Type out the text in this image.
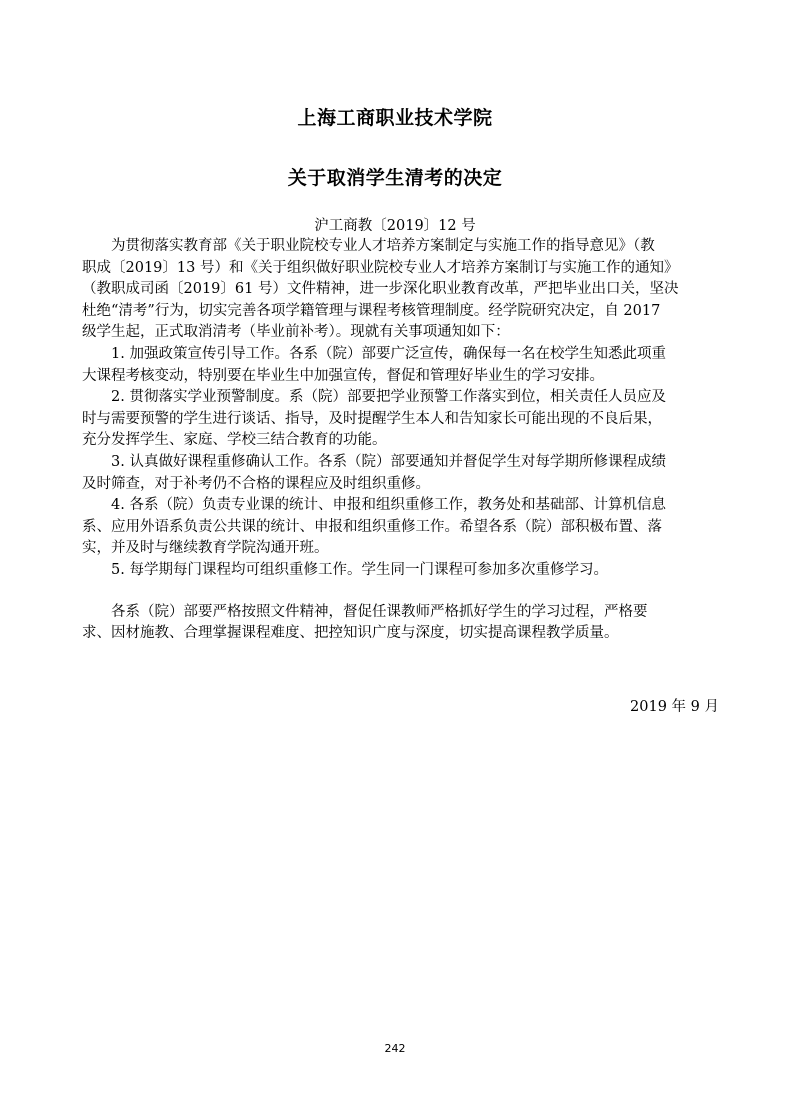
上海工商职业技术学院
关于取消学生清考的决定
沪工商教〔2019〕12 号
为贯彻落实教育部《关于职业院校专业人才培养方案制定与实施工作的指导意见》（教
职成〔2019〕13 号）和《关于组织做好职业院校专业人才培养方案制订与实施工作的通知》
（教职成司函〔2019〕61 号）文件精神，进一步深化职业教育改革，严把毕业出口关，坚决
杜绝“清考”行为，切实完善各项学籍管理与课程考核管理制度。经学院研究决定，自 2017
级学生起，正式取消清考（毕业前补考）。现就有关事项通知如下：
1. 加强政策宣传引导工作。各系（院）部要广泛宣传，确保每一名在校学生知悉此项重
大课程考核变动，特别要在毕业生中加强宣传，督促和管理好毕业生的学习安排。
2. 贯彻落实学业预警制度。系（院）部要把学业预警工作落实到位，相关责任人员应及
时与需要预警的学生进行谈话、指导，及时提醒学生本人和告知家长可能出现的不良后果，
充分发挥学生、家庭、学校三结合教育的功能。
3. 认真做好课程重修确认工作。各系（院）部要通知并督促学生对每学期所修课程成绩
及时筛查，对于补考仍不合格的课程应及时组织重修。
4. 各系（院）负责专业课的统计、申报和组织重修工作，教务处和基础部、计算机信息
系、应用外语系负责公共课的统计、申报和组织重修工作。希望各系（院）部积极布置、落
实，并及时与继续教育学院沟通开班。
5. 每学期每门课程均可组织重修工作。学生同一门课程可参加多次重修学习。
各系（院）部要严格按照文件精神，督促任课教师严格抓好学生的学习过程，严格要
求、因材施教、合理掌握课程难度、把控知识广度与深度，切实提高课程教学质量。
2019 年 9 月
242
